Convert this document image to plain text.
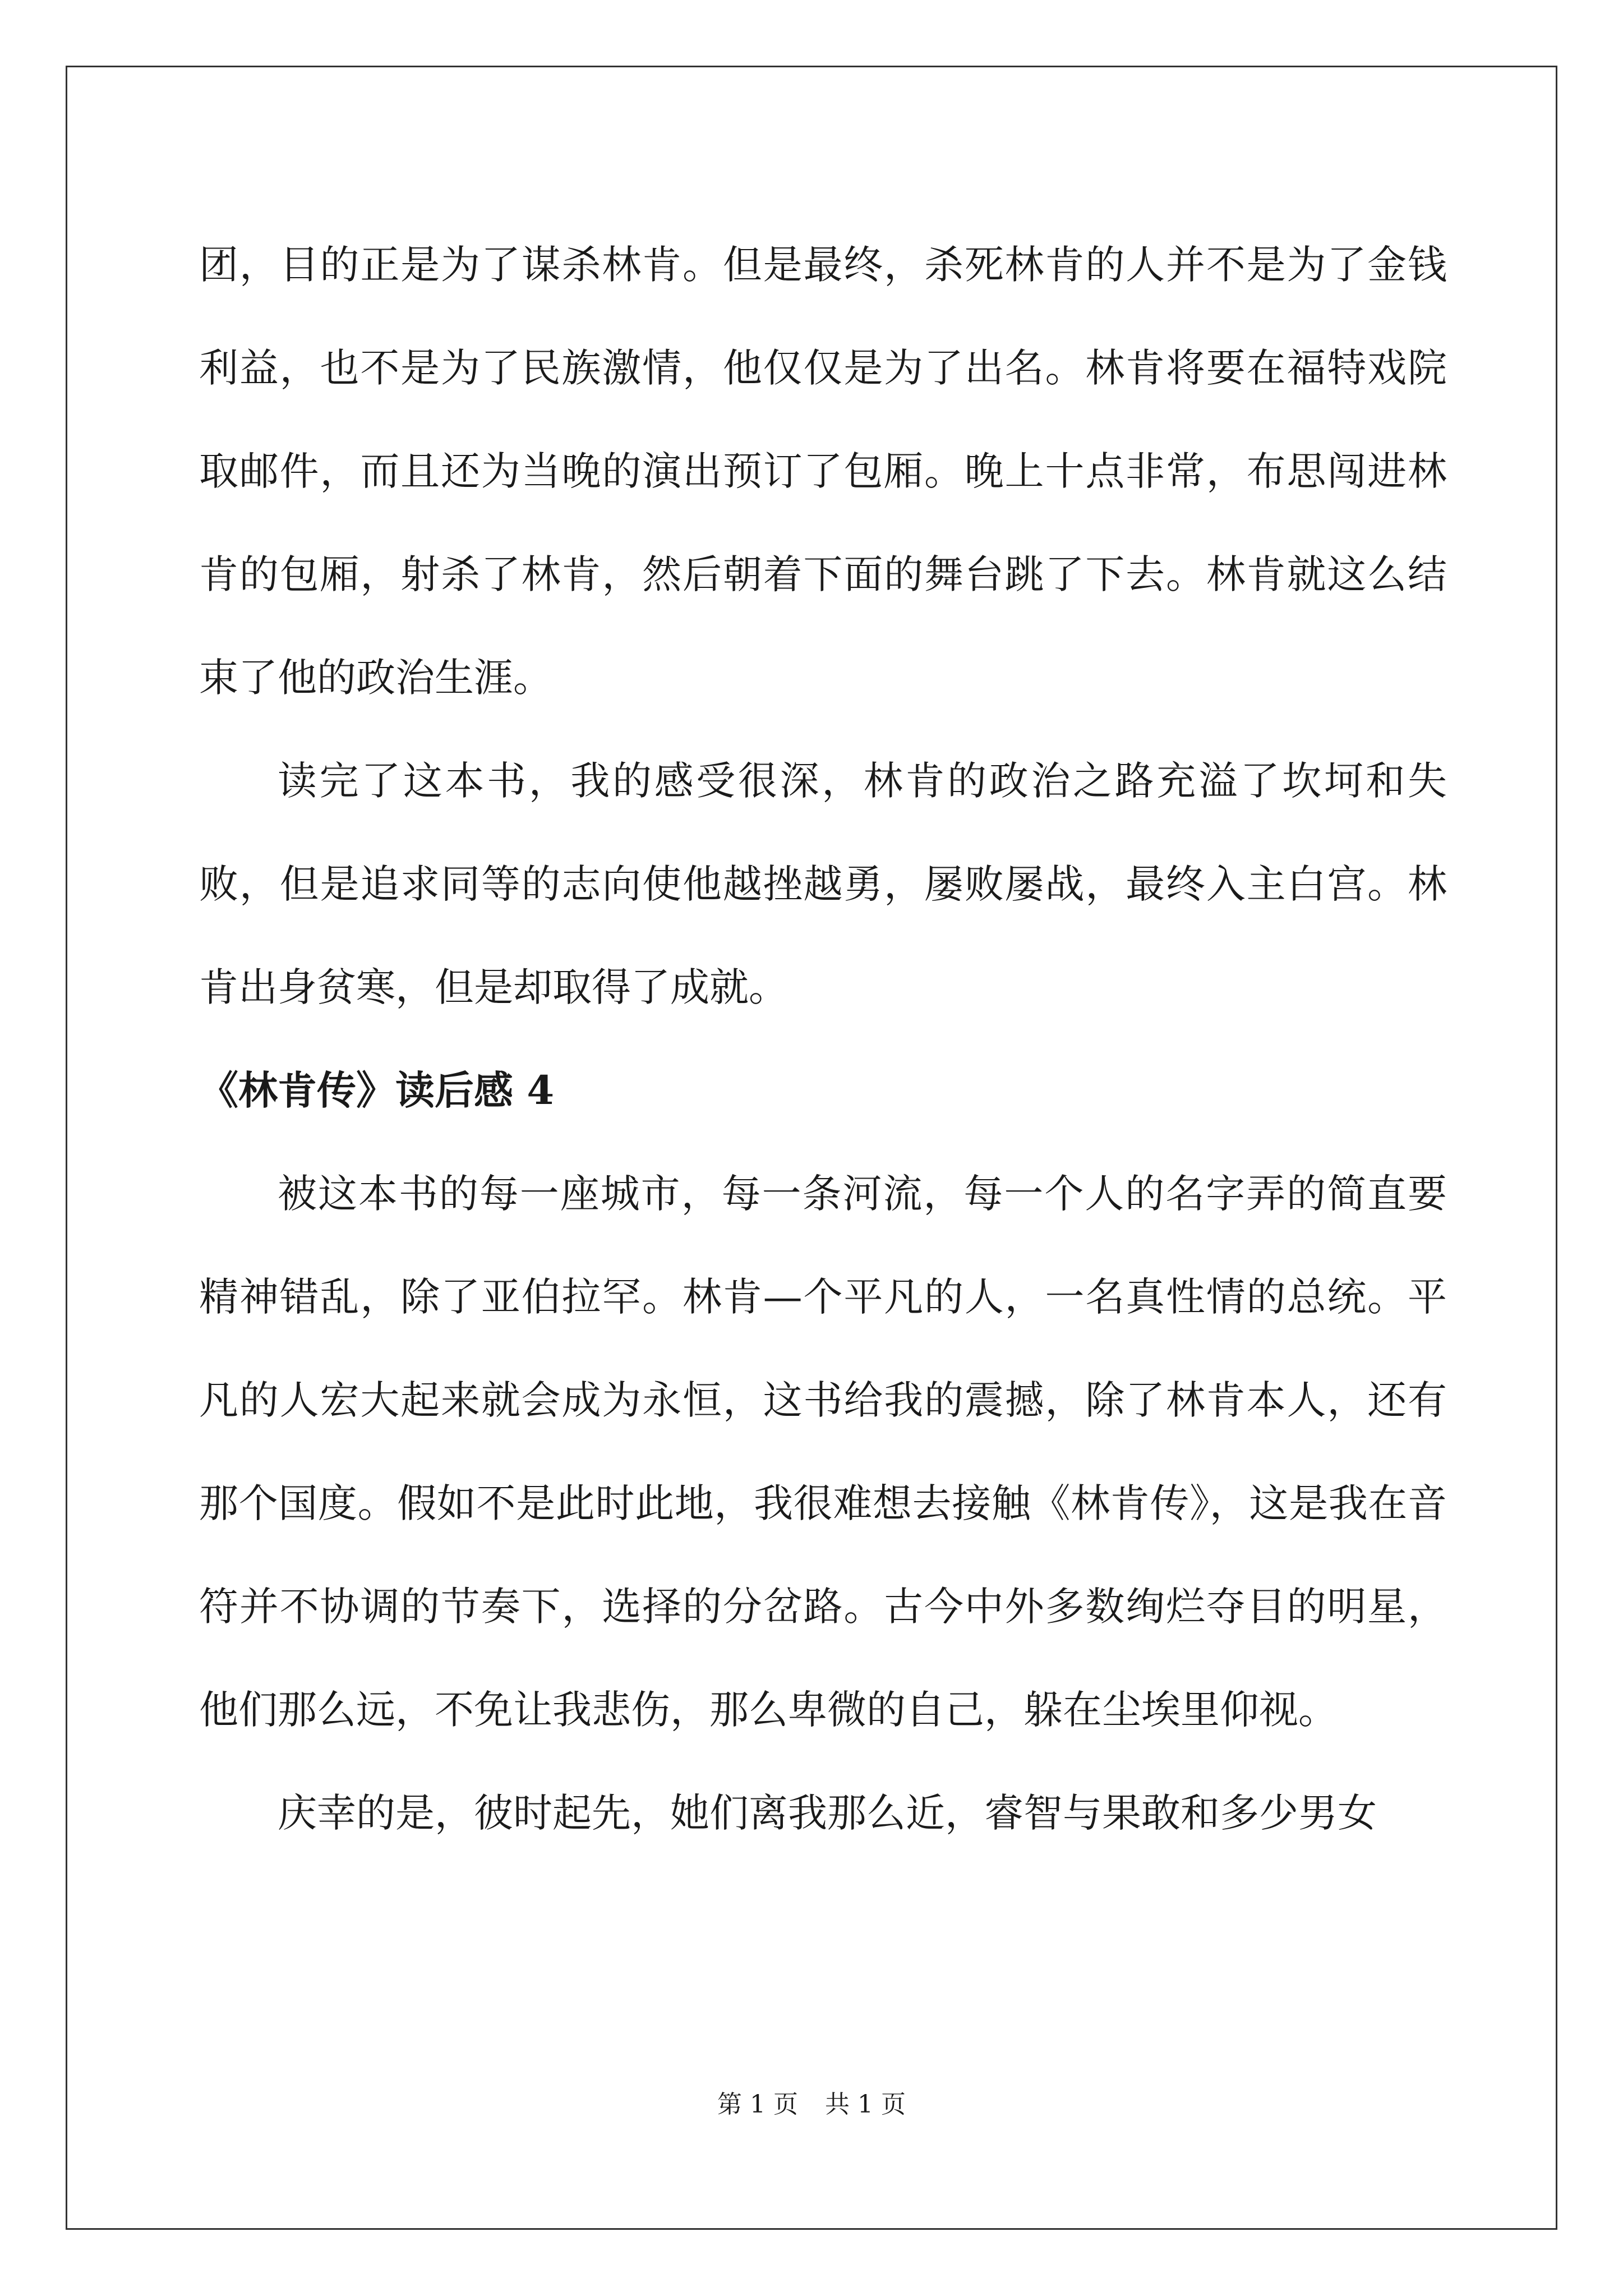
团，目的正是为了谋杀林肯。但是最终，杀死林肯的人并不是为了金钱利益，也不是为了民族激情，他仅仅是为了出名。林肯将要在福特戏院取邮件，而且还为当晚的演出预订了包厢。晚上十点非常，布思闯进林肯的包厢，射杀了林肯，然后朝着下面的舞台跳了下去。林肯就这么结束了他的政治生涯。

读完了这本书，我的感受很深，林肯的政治之路充溢了坎坷和失败，但是追求同等的志向使他越挫越勇，屡败屡战，最终入主白宫。林肯出身贫寒，但是却取得了成就。

《林肯传》读后感 4

被这本书的每一座城市，每一条河流，每一个人的名字弄的简直要精神错乱，除了亚伯拉罕。林肯—个平凡的人，一名真性情的总统。平凡的人宏大起来就会成为永恒，这书给我的震撼，除了林肯本人，还有那个国度。假如不是此时此地，我很难想去接触《林肯传》，这是我在音符并不协调的节奏下，选择的分岔路。古今中外多数绚烂夺目的明星，他们那么远，不免让我悲伤，那么卑微的自己，躲在尘埃里仰视。

庆幸的是，彼时起先，她们离我那么近，睿智与果敢和多少男女

第 1 页 共 1 页
